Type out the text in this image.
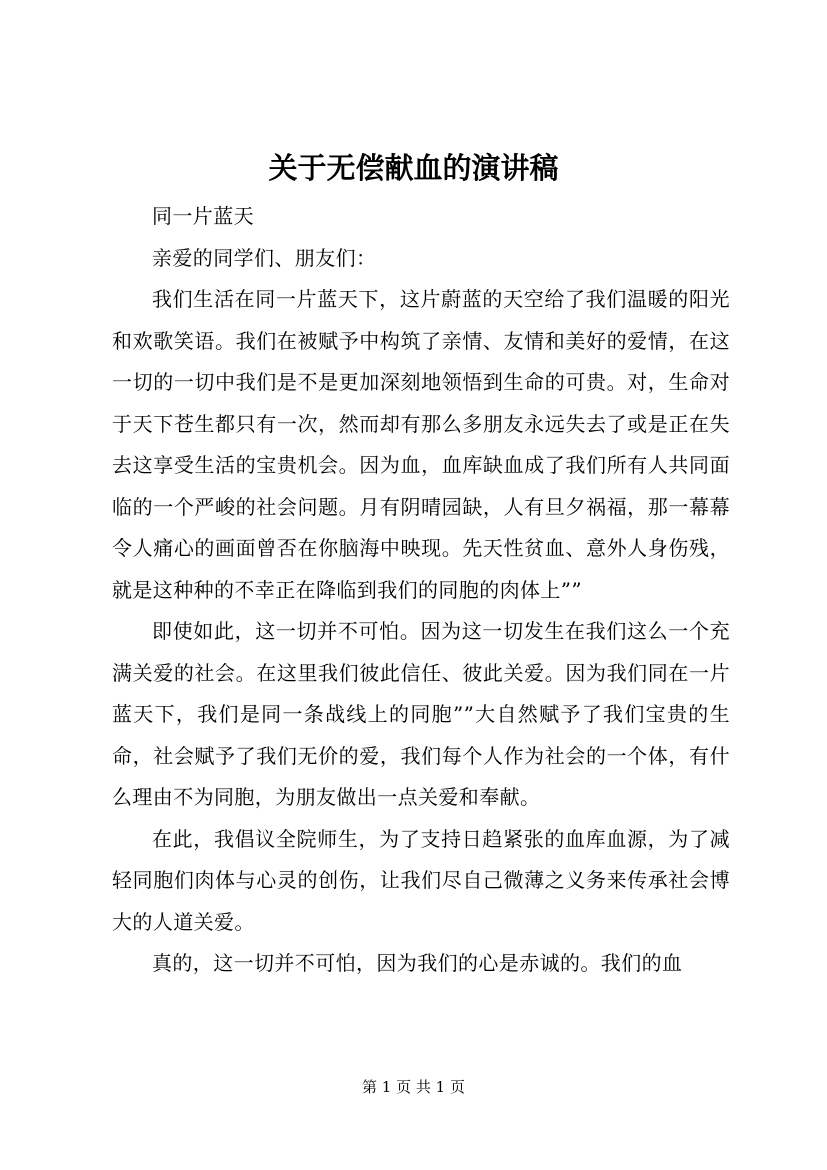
关于无偿献血的演讲稿

同一片蓝天

亲爱的同学们、朋友们：

我们生活在同一片蓝天下，这片蔚蓝的天空给了我们温暖的阳光和欢歌笑语。我们在被赋予中构筑了亲情、友情和美好的爱情，在这一切的一切中我们是不是更加深刻地领悟到生命的可贵。对，生命对于天下苍生都只有一次，然而却有那么多朋友永远失去了或是正在失去这享受生活的宝贵机会。因为血，血库缺血成了我们所有人共同面临的一个严峻的社会问题。月有阴晴园缺，人有旦夕祸福，那一幕幕令人痛心的画面曾否在你脑海中映现。先天性贫血、意外人身伤残，就是这种种的不幸正在降临到我们的同胞的肉体上””

即使如此，这一切并不可怕。因为这一切发生在我们这么一个充满关爱的社会。在这里我们彼此信任、彼此关爱。因为我们同在一片蓝天下，我们是同一条战线上的同胞””大自然赋予了我们宝贵的生命，社会赋予了我们无价的爱，我们每个人作为社会的一个体，有什么理由不为同胞，为朋友做出一点关爱和奉献。

在此，我倡议全院师生，为了支持日趋紧张的血库血源，为了减轻同胞们肉体与心灵的创伤，让我们尽自己微薄之义务来传承社会博大的人道关爱。

真的，这一切并不可怕，因为我们的心是赤诚的。我们的血

第 1 页 共 1 页
